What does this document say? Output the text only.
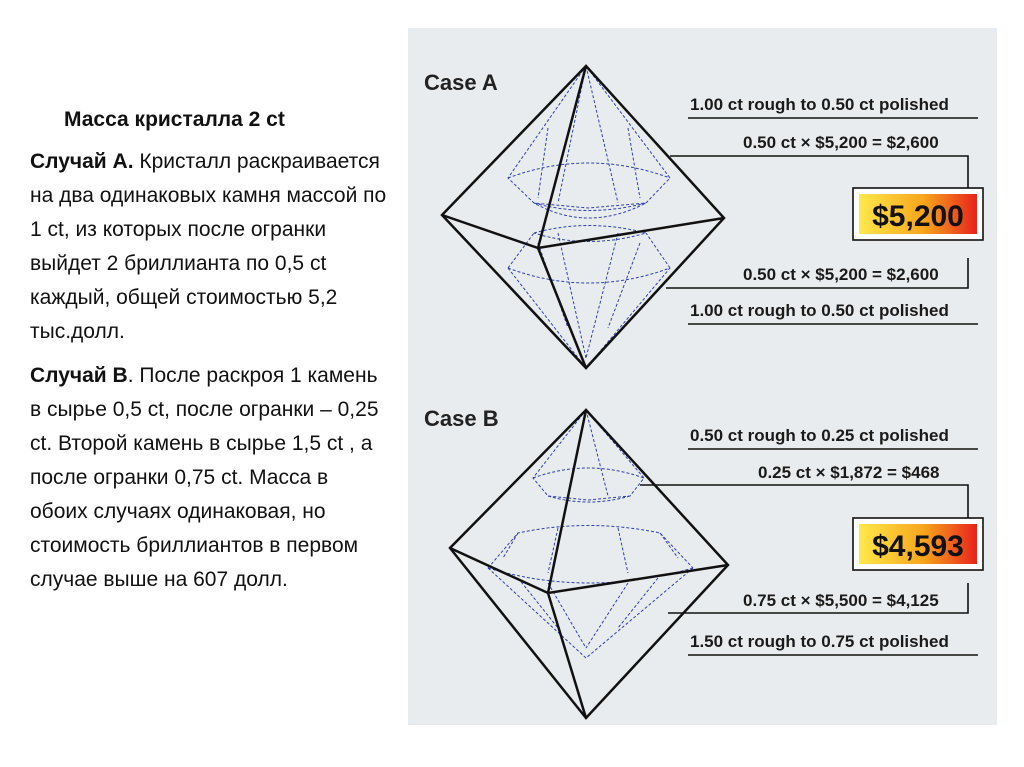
Масса кристалла 2 ct

Случай А. Кристалл раскраивается на два одинаковых камня массой по 1 ct, из которых после огранки выйдет 2 бриллианта по 0,5 ct каждый, общей стоимостью 5,2 тыс.долл.

Случай В. После раскроя 1 камень в сырье 0,5 ct, после огранки – 0,25 ct. Второй камень в сырье 1,5 ct , а после огранки 0,75 ct. Масса в обоих случаях одинаковая, но стоимость бриллиантов в первом случае выше на 607 долл.

Case A
1.00 ct rough to 0.50 ct polished
0.50 ct × $5,200 = $2,600
$5,200
0.50 ct × $5,200 = $2,600
1.00 ct rough to 0.50 ct polished
Case B
0.50 ct rough to 0.25 ct polished
0.25 ct × $1,872 = $468
$4,593
0.75 ct × $5,500 = $4,125
1.50 ct rough to 0.75 ct polished
